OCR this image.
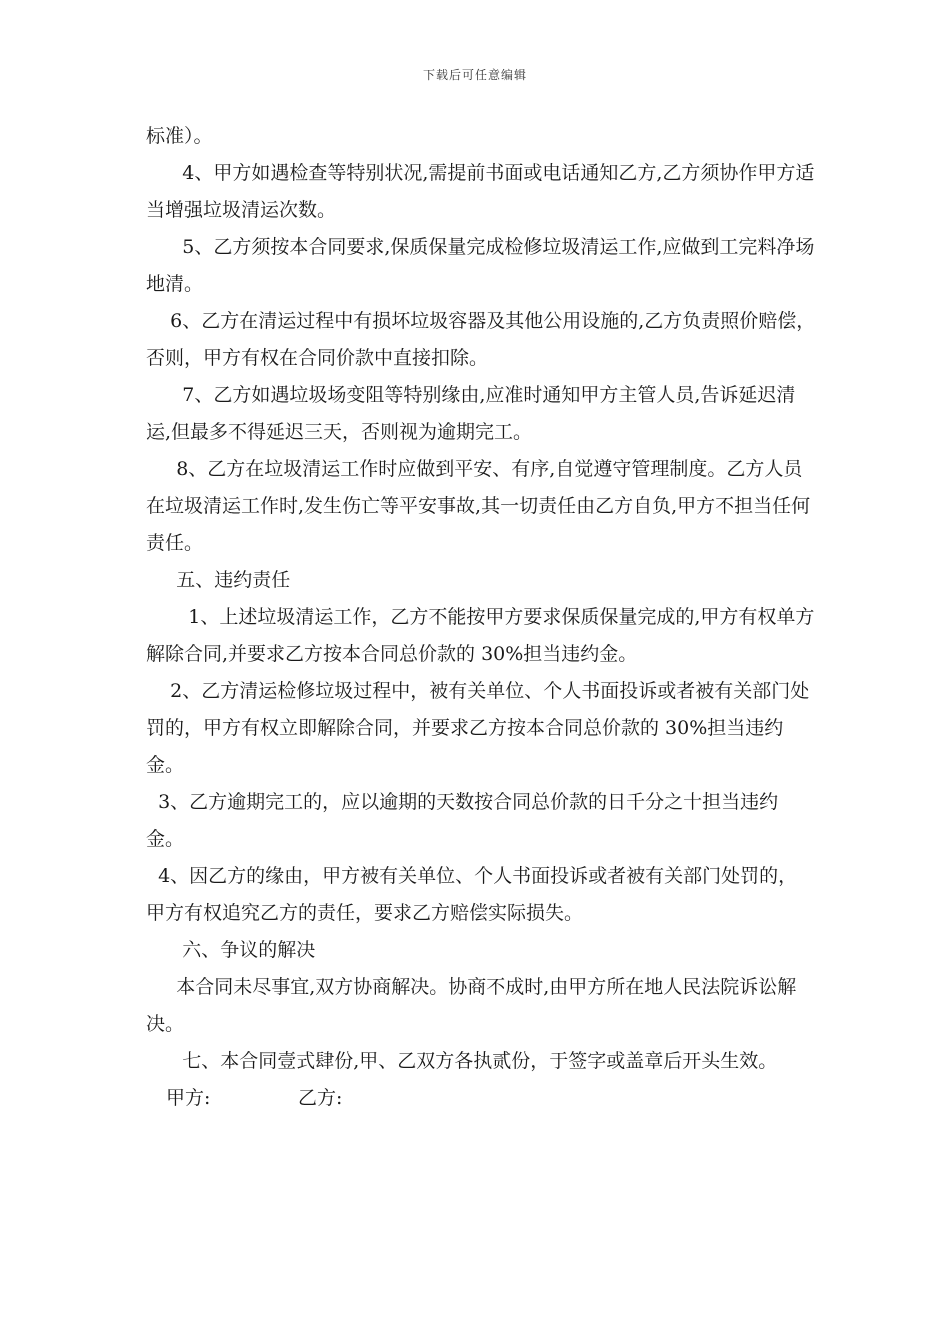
下载后可任意编辑

标准）。

4、甲方如遇检查等特别状况,需提前书面或电话通知乙方,乙方须协作甲方适当增强垃圾清运次数。

5、乙方须按本合同要求,保质保量完成检修垃圾清运工作,应做到工完料净场地清。

6、乙方在清运过程中有损坏垃圾容器及其他公用设施的,乙方负责照价赔偿，否则，甲方有权在合同价款中直接扣除。

7、乙方如遇垃圾场变阻等特别缘由,应准时通知甲方主管人员,告诉延迟清运,但最多不得延迟三天，否则视为逾期完工。

8、乙方在垃圾清运工作时应做到平安、有序,自觉遵守管理制度。乙方人员在垃圾清运工作时,发生伤亡等平安事故,其一切责任由乙方自负,甲方不担当任何责任。

五、违约责任

1、上述垃圾清运工作，乙方不能按甲方要求保质保量完成的,甲方有权单方解除合同,并要求乙方按本合同总价款的 30%担当违约金。

2、乙方清运检修垃圾过程中，被有关单位、个人书面投诉或者被有关部门处罚的，甲方有权立即解除合同，并要求乙方按本合同总价款的 30%担当违约金。

3、乙方逾期完工的，应以逾期的天数按合同总价款的日千分之十担当违约金。

4、因乙方的缘由，甲方被有关单位、个人书面投诉或者被有关部门处罚的，甲方有权追究乙方的责任，要求乙方赔偿实际损失。

六、争议的解决

本合同未尽事宜,双方协商解决。协商不成时,由甲方所在地人民法院诉讼解决。

七、本合同壹式肆份,甲、乙双方各执贰份，于签字或盖章后开头生效。

甲方:	乙方:
